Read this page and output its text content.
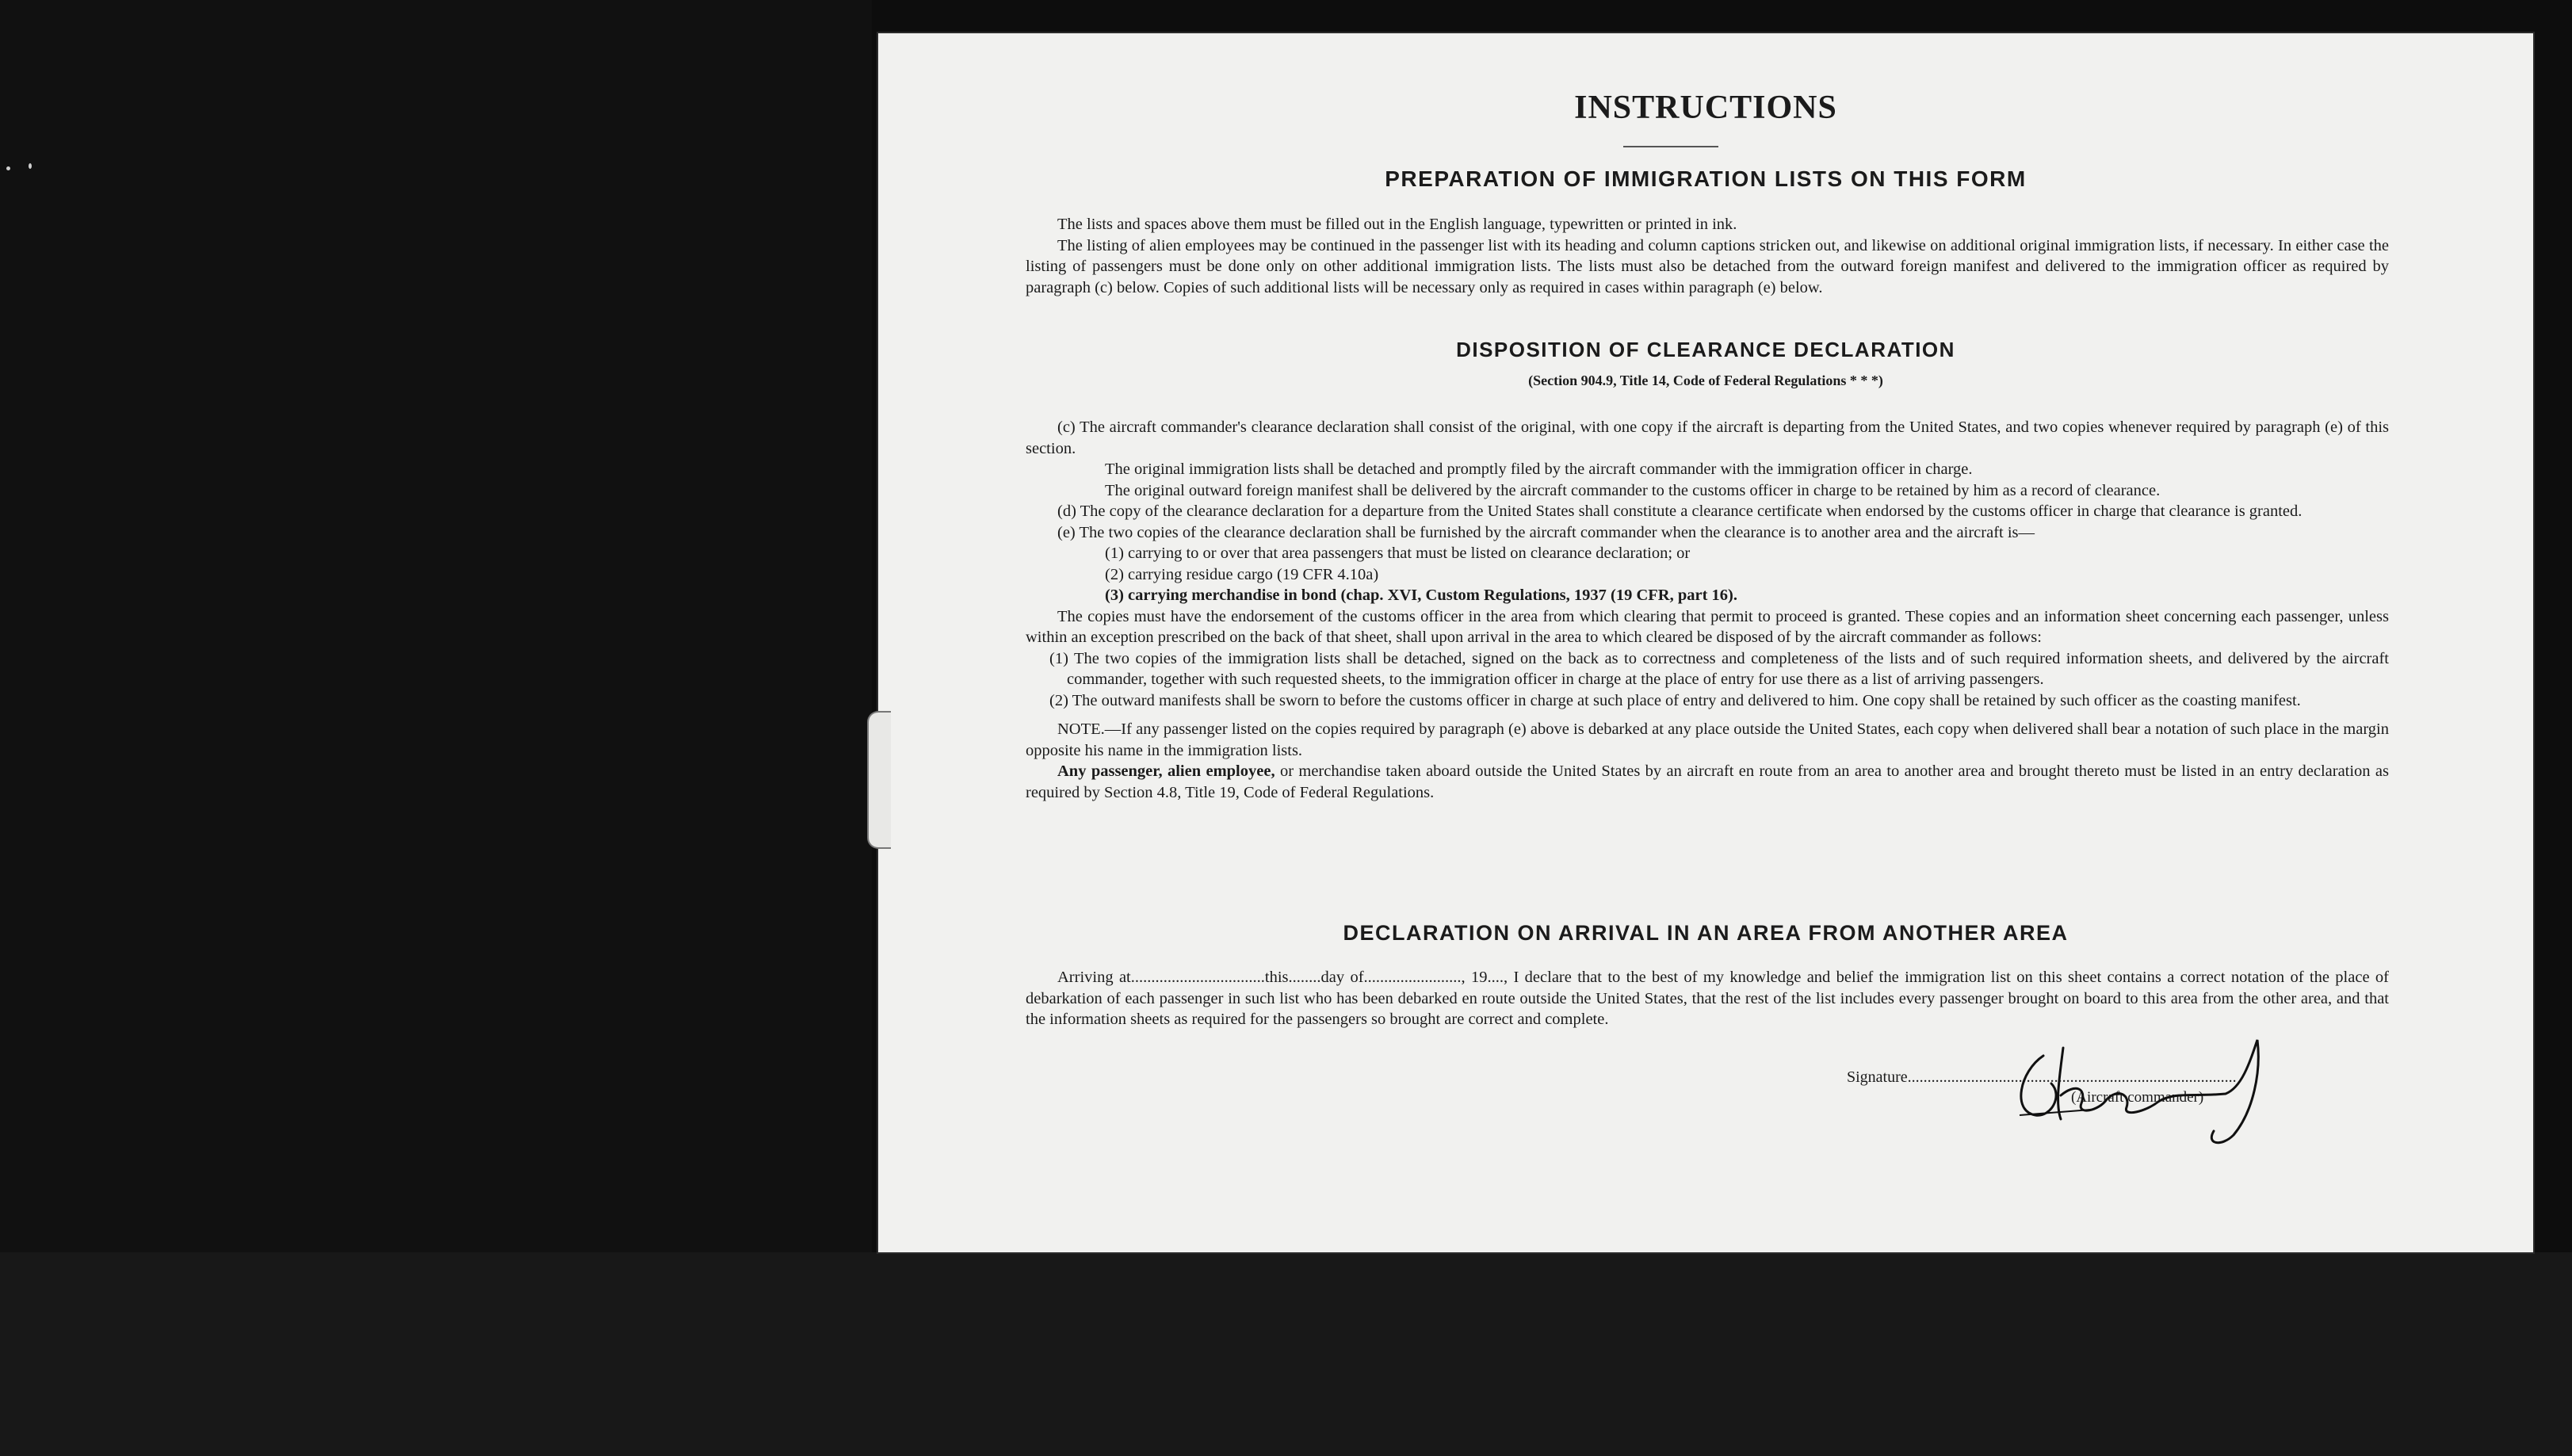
INSTRUCTIONS
PREPARATION OF IMMIGRATION LISTS ON THIS FORM

The lists and spaces above them must be filled out in the English language, typewritten or printed in ink.

The listing of alien employees may be continued in the passenger list with its heading and column captions stricken out, and likewise on additional original immigration lists, if necessary. In either case the listing of passengers must be done only on other additional immigration lists. The lists must also be detached from the outward foreign manifest and delivered to the immigration officer as required by paragraph (c) below. Copies of such additional lists will be necessary only as required in cases within paragraph (e) below.

DISPOSITION OF CLEARANCE DECLARATION
(Section 904.9, Title 14, Code of Federal Regulations * * *)

(c) The aircraft commander's clearance declaration shall consist of the original, with one copy if the aircraft is departing from the United States, and two copies whenever required by paragraph (e) of this section.

The original immigration lists shall be detached and promptly filed by the aircraft commander with the immigration officer in charge.

The original outward foreign manifest shall be delivered by the aircraft commander to the customs officer in charge to be retained by him as a record of clearance.

(d) The copy of the clearance declaration for a departure from the United States shall constitute a clearance certificate when endorsed by the customs officer in charge that clearance is granted.

(e) The two copies of the clearance declaration shall be furnished by the aircraft commander when the clearance is to another area and the aircraft is—

(1) carrying to or over that area passengers that must be listed on clearance declaration; or

(2) carrying residue cargo (19 CFR 4.10a)

(3) carrying merchandise in bond (chap. XVI, Custom Regulations, 1937 (19 CFR, part 16).

The copies must have the endorsement of the customs officer in the area from which clearing that permit to proceed is granted. These copies and an information sheet concerning each passenger, unless within an exception prescribed on the back of that sheet, shall upon arrival in the area to which cleared be disposed of by the aircraft commander as follows:

(1) The two copies of the immigration lists shall be detached, signed on the back as to correctness and completeness of the lists and of such required information sheets, and delivered by the aircraft commander, together with such requested sheets, to the immigration officer in charge at the place of entry for use there as a list of arriving passengers.

(2) The outward manifests shall be sworn to before the customs officer in charge at such place of entry and delivered to him. One copy shall be retained by such officer as the coasting manifest.

NOTE.—If any passenger listed on the copies required by paragraph (e) above is debarked at any place outside the United States, each copy when delivered shall bear a notation of such place in the margin opposite his name in the immigration lists.

Any passenger, alien employee, or merchandise taken aboard outside the United States by an aircraft en route from an area to another area and brought thereto must be listed in an entry declaration as required by Section 4.8, Title 19, Code of Federal Regulations.

DECLARATION ON ARRIVAL IN AN AREA FROM ANOTHER AREA

Arriving at.................................this........day of........................, 19...., I declare that to the best of my knowledge and belief the immigration list on this sheet contains a correct notation of the place of debarkation of each passenger in such list who has been debarked en route outside the United States, that the rest of the list includes every passenger brought on board to this area from the other area, and that the information sheets as required for the passengers so brought are correct and complete.

Signature...................................................................................
(Aircraft commander)
